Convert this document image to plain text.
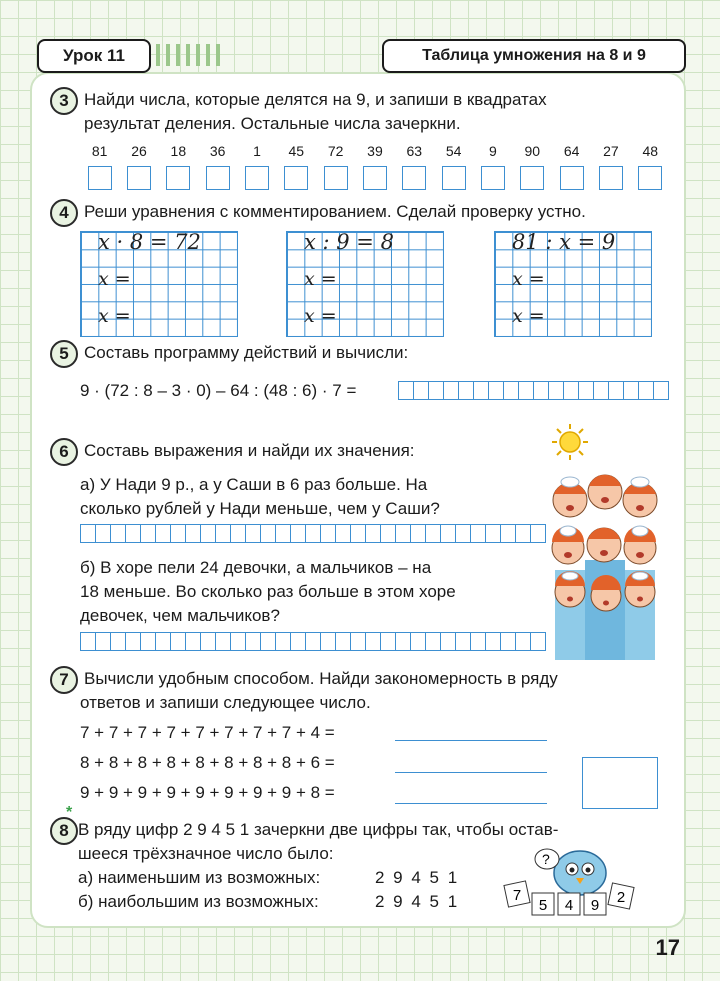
Урок 11	Таблица умножения на 8 и 9
3 Найди числа, которые делятся на 9, и запиши в квадратах
результат деления. Остальные числа зачеркни.
81	26	18	36	1	45	72	39	63	54	9	90	64	27	48
4 Реши уравнения с комментированием. Сделай проверку устно.
x · 8 = 72	x : 9 = 8	81 : x = 9
x =
x =
x =
x =
x =
x =
5 Составь программу действий и вычисли:
9 · (72 : 8 – 3 · 0) – 64 : (48 : 6) · 7 =
6 Составь выражения и найди их значения:
а) У Нади 9 р., а у Саши в 6 раз больше. На
сколько рублей у Нади меньше, чем у Саши?
б) В хоре пели 24 девочки, а мальчиков – на
18 меньше. Во сколько раз больше в этом хоре
девочек, чем мальчиков?
7 Вычисли удобным способом. Найди закономерность в ряду
ответов и запиши следующее число.
7 + 7 + 7 + 7 + 7 + 7 + 7 + 7 + 4 =
8 + 8 + 8 + 8 + 8 + 8 + 8 + 8 + 6 =
9 + 9 + 9 + 9 + 9 + 9 + 9 + 9 + 8 =
8
*
В ряду цифр 2 9 4 5 1 зачеркни две цифры так, чтобы остав-
шееся трёхзначное число было:
а) наименьшим из возможных:	2 9 4 5 1
б) наибольшим из возможных:	2 9 4 5 1
?
7
5 4 9 2
17
